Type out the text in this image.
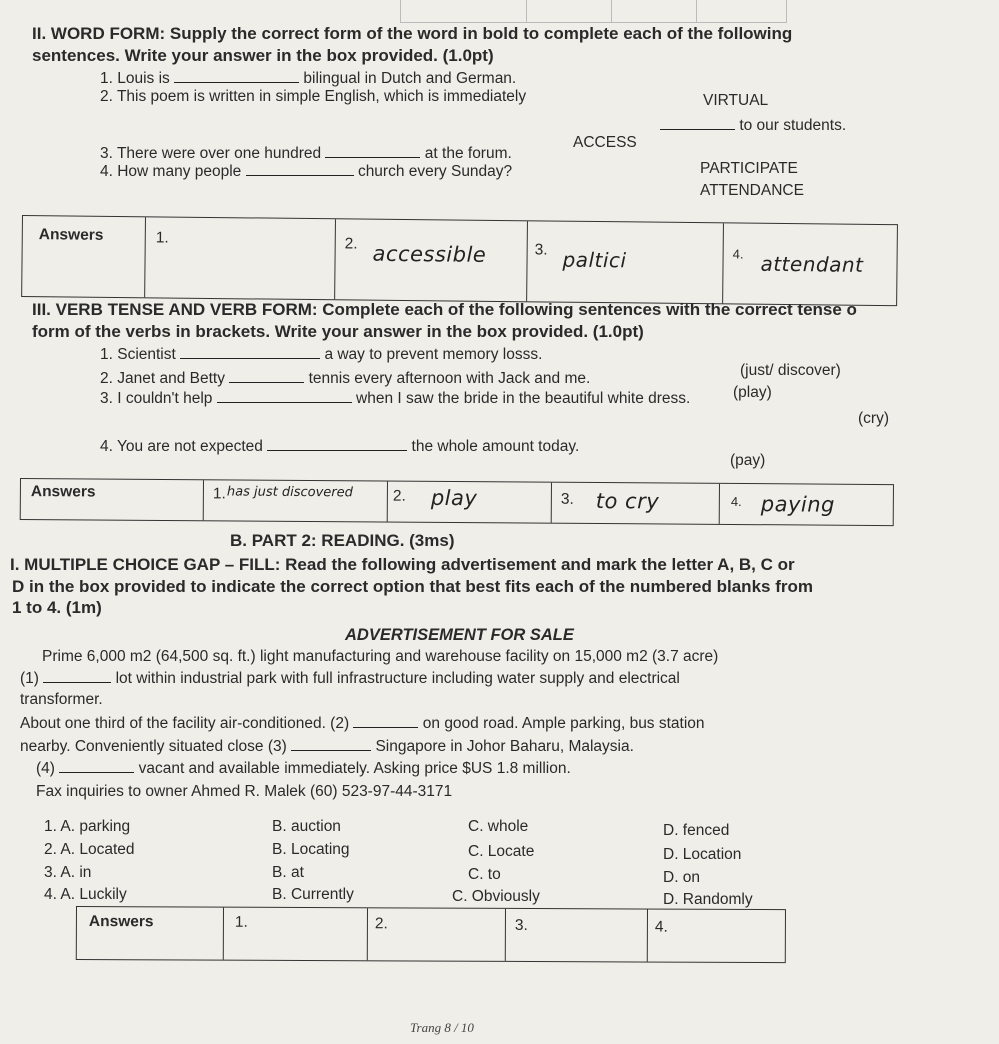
II. WORD FORM: Supply the correct form of the word in bold to complete each of the following
sentences. Write your answer in the box provided. (1.0pt)
1. Louis is	bilingual in Dutch and German.
VIRTUAL
2. This poem is written in simple English, which is immediately
to our students.
ACCESS
3. There were over one hundred	at the forum.
PARTICIPATE
4. How many people	church every Sunday?
ATTENDANCE
Answers	1.	2. accessible	3. paltici	4. attendant
III. VERB TENSE AND VERB FORM: Complete each of the following sentences with the correct tense o
form of the verbs in brackets. Write your answer in the box provided. (1.0pt)
1. Scientist	a way to prevent memory losss.
(just/ discover)
2. Janet and Betty	tennis every afternoon with Jack and me.
(play)
3. I couldn't help	when I saw the bride in the beautiful white dress.
(cry)
4. You are not expected	the whole amount today.
(pay)
Answers	1. has just discovered	2. play	3. to cry	4. paying
B. PART 2: READING. (3ms)
I. MULTIPLE CHOICE GAP – FILL: Read the following advertisement and mark the letter A, B, C or
D in the box provided to indicate the correct option that best fits each of the numbered blanks from
1 to 4. (1m)
ADVERTISEMENT FOR SALE
Prime 6,000 m2 (64,500 sq. ft.) light manufacturing and warehouse facility on 15,000 m2 (3.7 acre)
(1)	lot within industrial park with full infrastructure including water supply and electrical
transformer.
About one third of the facility air-conditioned. (2)	on good road. Ample parking, bus station
nearby. Conveniently situated close (3)	Singapore in Johor Baharu, Malaysia.
(4)	vacant and available immediately. Asking price $US 1.8 million.
Fax inquiries to owner Ahmed R. Malek (60) 523-97-44-3171
1. A. parking	B. auction	C. whole	D. fenced
2. A. Located	B. Locating	C. Locate	D. Location
3. A. in	B. at	C. to	D. on
4. A. Luckily	B. Currently	C. Obviously	D. Randomly
Answers	1.	2.	3.	4.
Trang 8 / 10
